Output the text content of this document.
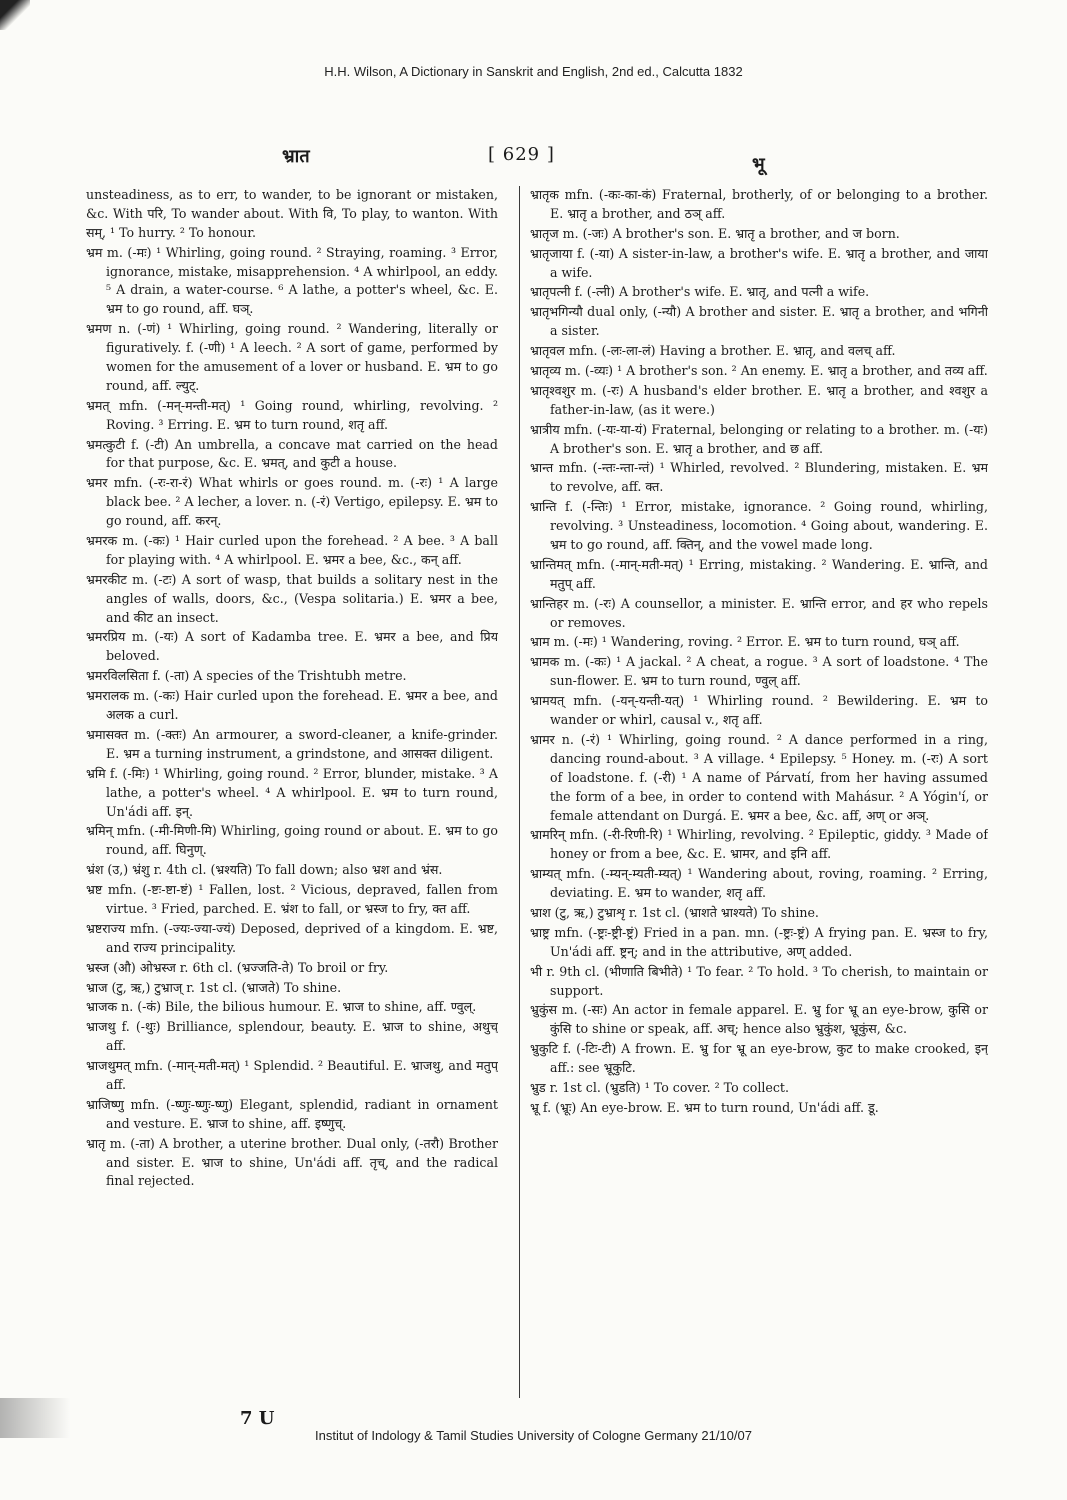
H.H. Wilson, A Dictionary in Sanskrit and English, 2nd ed., Calcutta 1832
भ्रात	[ 629 ]	भू

unsteadiness, as to err, to wander, to be ignorant or mistaken, &c. With परि, To wander about. With वि, To play, to wanton. With सम्, ¹ To hurry. ² To honour.

भ्रम m. (-मः) ¹ Whirling, going round. ² Straying, roaming. ³ Error, ignorance, mistake, misapprehension. ⁴ A whirlpool, an eddy. ⁵ A drain, a water-course. ⁶ A lathe, a potter's wheel, &c. E. भ्रम to go round, aff. घञ्.

भ्रमण n. (-णं) ¹ Whirling, going round. ² Wandering, literally or figuratively. f. (-णी) ¹ A leech. ² A sort of game, performed by women for the amusement of a lover or husband. E. भ्रम to go round, aff. ल्युट्.

भ्रमत् mfn. (-मन्-मन्ती-मत्) ¹ Going round, whirling, revolving. ² Roving. ³ Erring. E. भ्रम to turn round, शतृ aff.

भ्रमत्कुटी f. (-टी) An umbrella, a concave mat carried on the head for that purpose, &c. E. भ्रमत्, and कुटी a house.

भ्रमर mfn. (-रः-रा-रं) What whirls or goes round. m. (-रः) ¹ A large black bee. ² A lecher, a lover. n. (-रं) Vertigo, epilepsy. E. भ्रम to go round, aff. करन्.

भ्रमरक m. (-कः) ¹ Hair curled upon the forehead. ² A bee. ³ A ball for playing with. ⁴ A whirlpool. E. भ्रमर a bee, &c., कन् aff.

भ्रमरकीट m. (-टः) A sort of wasp, that builds a solitary nest in the angles of walls, doors, &c., (Vespa solitaria.) E. भ्रमर a bee, and कीट an insect.

भ्रमरप्रिय m. (-यः) A sort of Kadamba tree. E. भ्रमर a bee, and प्रिय beloved.

भ्रमरविलसिता f. (-ता) A species of the Trishtubh metre.

भ्रमरालक m. (-कः) Hair curled upon the forehead. E. भ्रमर a bee, and अलक a curl.

भ्रमासक्त m. (-क्तः) An armourer, a sword-cleaner, a knife-grinder. E. भ्रम a turning instrument, a grindstone, and आसक्त diligent.

भ्रमि f. (-मिः) ¹ Whirling, going round. ² Error, blunder, mistake. ³ A lathe, a potter's wheel. ⁴ A whirlpool. E. भ्रम to turn round, Un'ádi aff. इन्.

भ्रमिन् mfn. (-मी-मिणी-मि) Whirling, going round or about. E. भ्रम to go round, aff. घिनुण्.

भ्रंश (उ,) भ्रंशु r. 4th cl. (भ्रश्यति) To fall down; also भ्रश and भ्रंस.

भ्रष्ट mfn. (-ष्टः-ष्टा-ष्टं) ¹ Fallen, lost. ² Vicious, depraved, fallen from virtue. ³ Fried, parched. E. भ्रंश to fall, or भ्रस्ज to fry, क्त aff.

भ्रष्टराज्य mfn. (-ज्यः-ज्या-ज्यं) Deposed, deprived of a kingdom. E. भ्रष्ट, and राज्य principality.

भ्रस्ज (औ) ओभ्रस्ज r. 6th cl. (भ्रज्जति-ते) To broil or fry.

भ्राज (टु, ऋ,) टुभ्राज् r. 1st cl. (भ्राजते) To shine.

भ्राजक n. (-कं) Bile, the bilious humour. E. भ्राज to shine, aff. ण्वुल्.

भ्राजथु f. (-थुः) Brilliance, splendour, beauty. E. भ्राज to shine, अथुच् aff.

भ्राजथुमत् mfn. (-मान्-मती-मत्) ¹ Splendid. ² Beautiful. E. भ्राजथु, and मतुप् aff.

भ्राजिष्णु mfn. (-ष्णुः-ष्णुः-ष्णु) Elegant, splendid, radiant in ornament and vesture. E. भ्राज to shine, aff. इष्णुच्.

भ्रातृ m. (-ता) A brother, a uterine brother. Dual only, (-तरौ) Brother and sister. E. भ्राज to shine, Un'ádi aff. तृच्, and the radical final rejected.

भ्रातृक mfn. (-कः-का-कं) Fraternal, brotherly, of or belonging to a brother. E. भ्रातृ a brother, and ठञ् aff.

भ्रातृज m. (-जः) A brother's son. E. भ्रातृ a brother, and ज born.

भ्रातृजाया f. (-या) A sister-in-law, a brother's wife. E. भ्रातृ a brother, and जाया a wife.

भ्रातृपत्नी f. (-त्नी) A brother's wife. E. भ्रातृ, and पत्नी a wife.

भ्रातृभगिन्यौ dual only, (-न्यौ) A brother and sister. E. भ्रातृ a brother, and भगिनी a sister.

भ्रातृवल mfn. (-लः-ला-लं) Having a brother. E. भ्रातृ, and वलच् aff.

भ्रातृव्य m. (-व्यः) ¹ A brother's son. ² An enemy. E. भ्रातृ a brother, and तव्य aff.

भ्रातृश्वशुर m. (-रः) A husband's elder brother. E. भ्रातृ a brother, and श्वशुर a father-in-law, (as it were.)

भ्रात्रीय mfn. (-यः-या-यं) Fraternal, belonging or relating to a brother. m. (-यः) A brother's son. E. भ्रातृ a brother, and छ aff.

भ्रान्त mfn. (-न्तः-न्ता-न्तं) ¹ Whirled, revolved. ² Blundering, mistaken. E. भ्रम to revolve, aff. क्त.

भ्रान्ति f. (-न्तिः) ¹ Error, mistake, ignorance. ² Going round, whirling, revolving. ³ Unsteadiness, locomotion. ⁴ Going about, wandering. E. भ्रम to go round, aff. क्तिन्, and the vowel made long.

भ्रान्तिमत् mfn. (-मान्-मती-मत्) ¹ Erring, mistaking. ² Wandering. E. भ्रान्ति, and मतुप् aff.

भ्रान्तिहर m. (-रः) A counsellor, a minister. E. भ्रान्ति error, and हर who repels or removes.

भ्राम m. (-मः) ¹ Wandering, roving. ² Error. E. भ्रम to turn round, घञ् aff.

भ्रामक m. (-कः) ¹ A jackal. ² A cheat, a rogue. ³ A sort of loadstone. ⁴ The sun-flower. E. भ्रम to turn round, ण्वुल् aff.

भ्रामयत् mfn. (-यन्-यन्ती-यत्) ¹ Whirling round. ² Bewildering. E. भ्रम to wander or whirl, causal v., शतृ aff.

भ्रामर n. (-रं) ¹ Whirling, going round. ² A dance performed in a ring, dancing round-about. ³ A village. ⁴ Epilepsy. ⁵ Honey. m. (-रः) A sort of loadstone. f. (-री) ¹ A name of Párvatí, from her having assumed the form of a bee, in order to contend with Mahásur. ² A Yógin'í, or female attendant on Durgá. E. भ्रमर a bee, &c. aff, अण् or अञ्.

भ्रामरिन् mfn. (-री-रिणी-रि) ¹ Whirling, revolving. ² Epileptic, giddy. ³ Made of honey or from a bee, &c. E. भ्रामर, and इनि aff.

भ्राम्यत् mfn. (-म्यन्-म्यती-म्यत्) ¹ Wandering about, roving, roaming. ² Erring, deviating. E. भ्रम to wander, शतृ aff.

भ्राश (टु, ऋ,) टुभ्राशृ r. 1st cl. (भ्राशते भ्राश्यते) To shine.

भ्राष्ट्र mfn. (-ष्ट्रः-ष्ट्री-ष्ट्रं) Fried in a pan. mn. (-ष्ट्रः-ष्ट्रं) A frying pan. E. भ्रस्ज to fry, Un'ádi aff. ष्ट्रन्; and in the attributive, अण् added.

भी r. 9th cl. (भीणाति बिभीते) ¹ To fear. ² To hold. ³ To cherish, to maintain or support.

भ्रुकुंस m. (-सः) An actor in female apparel. E. भ्रु for भ्रू an eye-brow, कुसि or कुंसि to shine or speak, aff. अच्; hence also भ्रुकुंश, भ्रूकुंस, &c.

भ्रुकुटि f. (-टिः-टी) A frown. E. भ्रु for भ्रू an eye-brow, कुट to make crooked, इन् aff.: see भ्रूकुटि.

भ्रुड r. 1st cl. (भ्रुडति) ¹ To cover. ² To collect.

भ्रू f. (भ्रूः) An eye-brow. E. भ्रम to turn round, Un'ádi aff. डू.

7 U
Institut of Indology & Tamil Studies University of Cologne Germany 21/10/07
